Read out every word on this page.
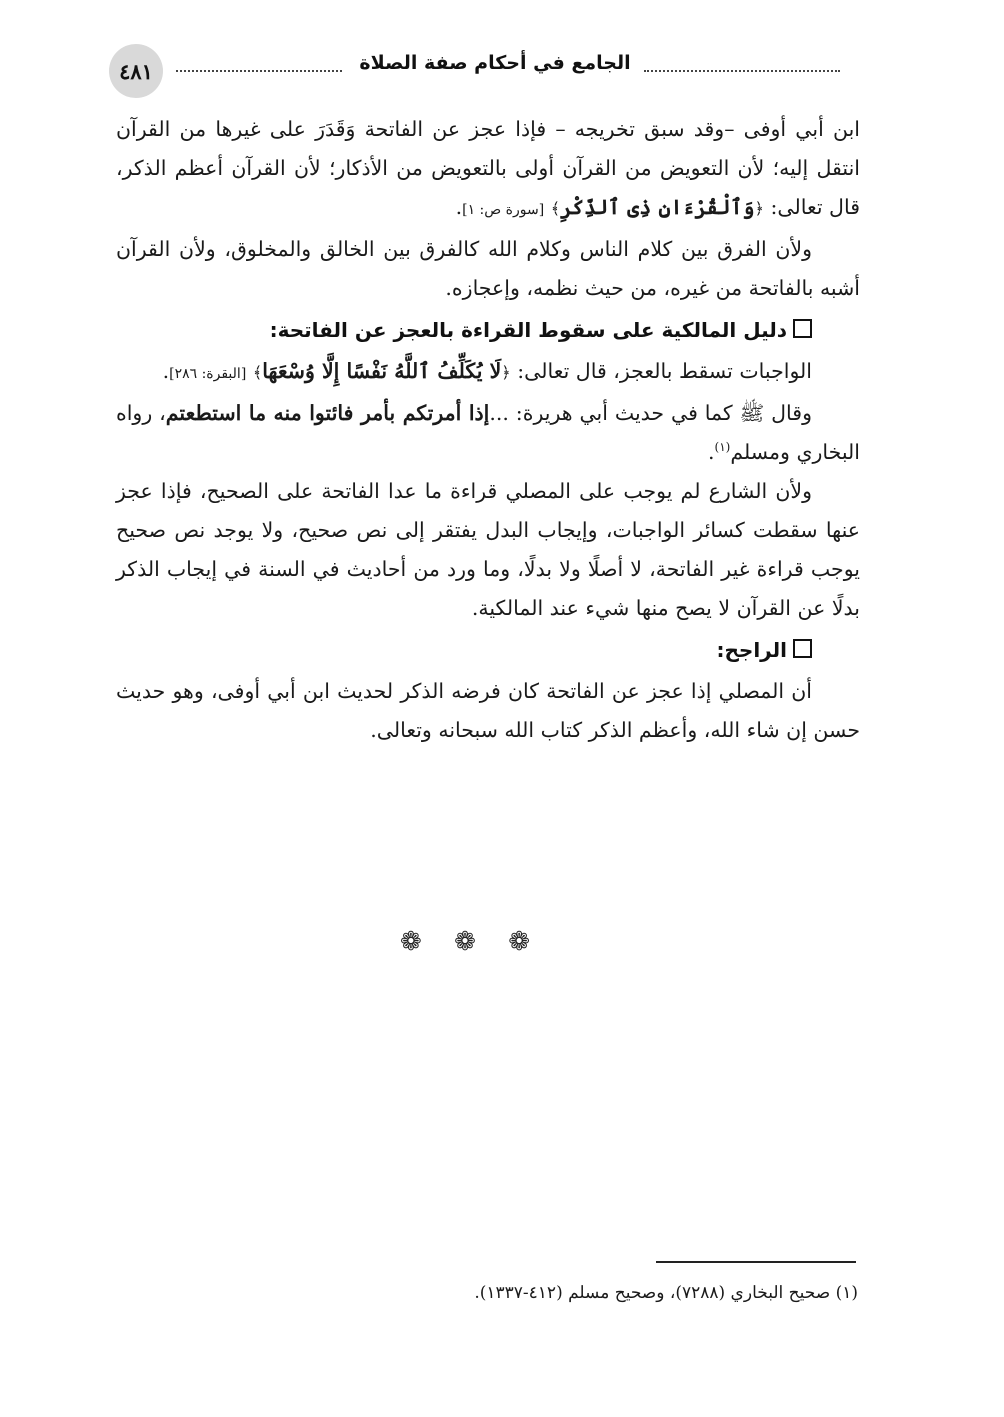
٤٨١	الجامع في أحكام صفة الصلاة

ابن أبي أوفى –وقد سبق تخريجه – فإذا عجز عن الفاتحة وَقَدَرَ على غيرها من القرآن انتقل إليه؛ لأن التعويض من القرآن أولى بالتعويض من الأذكار؛ لأن القرآن أعظم الذكر، قال تعالى: ﴿وَٱلْقُرْءَانِ ذِى ٱلذِّكْرِ﴾ [سورة ص: ١].

ولأن الفرق بين كلام الناس وكلام الله كالفرق بين الخالق والمخلوق، ولأن القرآن أشبه بالفاتحة من غيره، من حيث نظمه، وإعجازه.

دليل المالكية على سقوط القراءة بالعجز عن الفاتحة:

الواجبات تسقط بالعجز، قال تعالى: ﴿لَا يُكَلِّفُ ٱللَّهُ نَفْسًا إِلَّا وُسْعَهَا﴾ [البقرة: ٢٨٦].

وقال ﷺ كما في حديث أبي هريرة: ...إذا أمرتكم بأمر فائتوا منه ما استطعتم، رواه البخاري ومسلم$^{(١)}$.

ولأن الشارع لم يوجب على المصلي قراءة ما عدا الفاتحة على الصحيح، فإذا عجز عنها سقطت كسائر الواجبات، وإيجاب البدل يفتقر إلى نص صحيح، ولا يوجد نص صحيح يوجب قراءة غير الفاتحة، لا أصلًا ولا بدلًا، وما ورد من أحاديث في السنة في إيجاب الذكر بدلًا عن القرآن لا يصح منها شيء عند المالكية.

الراجح:

أن المصلي إذا عجز عن الفاتحة كان فرضه الذكر لحديث ابن أبي أوفى، وهو حديث حسن إن شاء الله، وأعظم الذكر كتاب الله سبحانه وتعالى.

❁ ❁ ❁
(١) صحيح البخاري (٧٢٨٨)، وصحيح مسلم (٤١٢-١٣٣٧).
